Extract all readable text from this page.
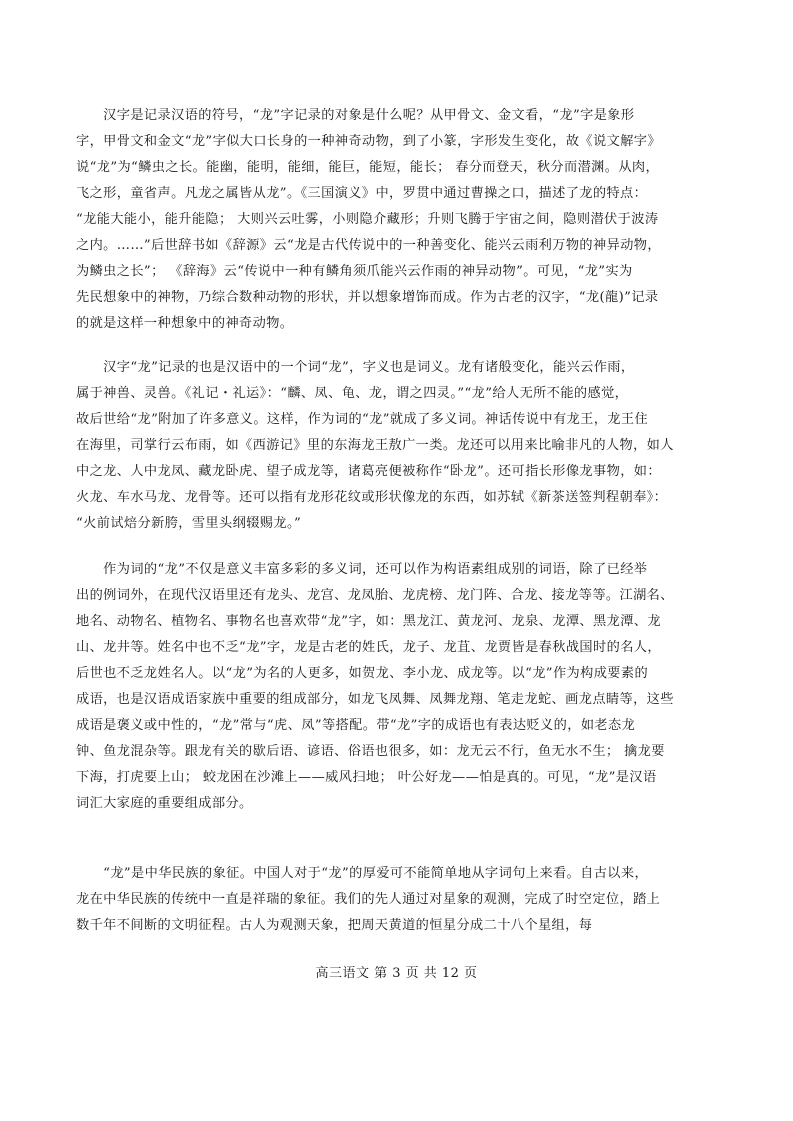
　　汉字是记录汉语的符号，“龙”字记录的对象是什么呢？从甲骨文、金文看，“龙”字是象形
字，甲骨文和金文“龙”字似大口长身的一种神奇动物，到了小篆，字形发生变化，故《说文解字》
说“龙”为“鳞虫之长。能幽，能明，能细，能巨，能短，能长； 春分而登天，秋分而潜渊。从肉，
飞之形，童省声。凡龙之属皆从龙”。《三国演义》中，罗贯中通过曹操之口，描述了龙的特点：
“龙能大能小，能升能隐； 大则兴云吐雾，小则隐介藏形；升则飞腾于宇宙之间，隐则潜伏于波涛
之内。……”后世辞书如《辞源》云“龙是古代传说中的一种善变化、能兴云雨利万物的神异动物，
为鳞虫之长”； 《辞海》云“传说中一种有鳞角须爪能兴云作雨的神异动物”。可见，“龙”实为
先民想象中的神物，乃综合数种动物的形状，并以想象增饰而成。作为古老的汉字，“龙(龍)”记录
的就是这样一种想象中的神奇动物。
　　汉字“龙”记录的也是汉语中的一个词“龙”，字义也是词义。龙有诸般变化，能兴云作雨，
属于神兽、灵兽。《礼记・礼运》：“麟、凤、龟、龙，谓之四灵。”“龙”给人无所不能的感觉，
故后世给“龙”附加了许多意义。这样，作为词的“龙”就成了多义词。神话传说中有龙王，龙王住
在海里，司掌行云布雨，如《西游记》里的东海龙王敖广一类。龙还可以用来比喻非凡的人物，如人
中之龙、人中龙凤、藏龙卧虎、望子成龙等，诸葛亮便被称作“卧龙”。还可指长形像龙事物，如：
火龙、车水马龙、龙骨等。还可以指有龙形花纹或形状像龙的东西，如苏轼《新茶送签判程朝奉》：
“火前试焙分新胯，雪里头纲辍赐龙。”
　　作为词的“龙”不仅是意义丰富多彩的多义词，还可以作为构语素组成别的词语，除了已经举
出的例词外，在现代汉语里还有龙头、龙宫、龙凤胎、龙虎榜、龙门阵、合龙、接龙等等。江湖名、
地名、动物名、植物名、事物名也喜欢带“龙”字，如：黑龙江、黄龙河、龙泉、龙潭、黑龙潭、龙
山、龙井等。姓名中也不乏“龙”字，龙是古老的姓氏，龙子、龙苴、龙贾皆是春秋战国时的名人，
后世也不乏龙姓名人。以“龙”为名的人更多，如贺龙、李小龙、成龙等。以“龙”作为构成要素的
成语，也是汉语成语家族中重要的组成部分，如龙飞凤舞、凤舞龙翔、笔走龙蛇、画龙点睛等，这些
成语是褒义或中性的，“龙”常与“虎、凤”等搭配。带“龙”字的成语也有表达贬义的，如老态龙
钟、鱼龙混杂等。跟龙有关的歇后语、谚语、俗语也很多，如：龙无云不行，鱼无水不生； 擒龙要
下海，打虎要上山； 蛟龙困在沙滩上——威风扫地； 叶公好龙——怕是真的。可见，“龙”是汉语
词汇大家庭的重要组成部分。
　　“龙”是中华民族的象征。中国人对于“龙”的厚爱可不能简单地从字词句上来看。自古以来，
龙在中华民族的传统中一直是祥瑞的象征。我们的先人通过对星象的观测，完成了时空定位，踏上
数千年不间断的文明征程。古人为观测天象，把周天黄道的恒星分成二十八个星组，每
高三语文 第 3 页 共 12 页
